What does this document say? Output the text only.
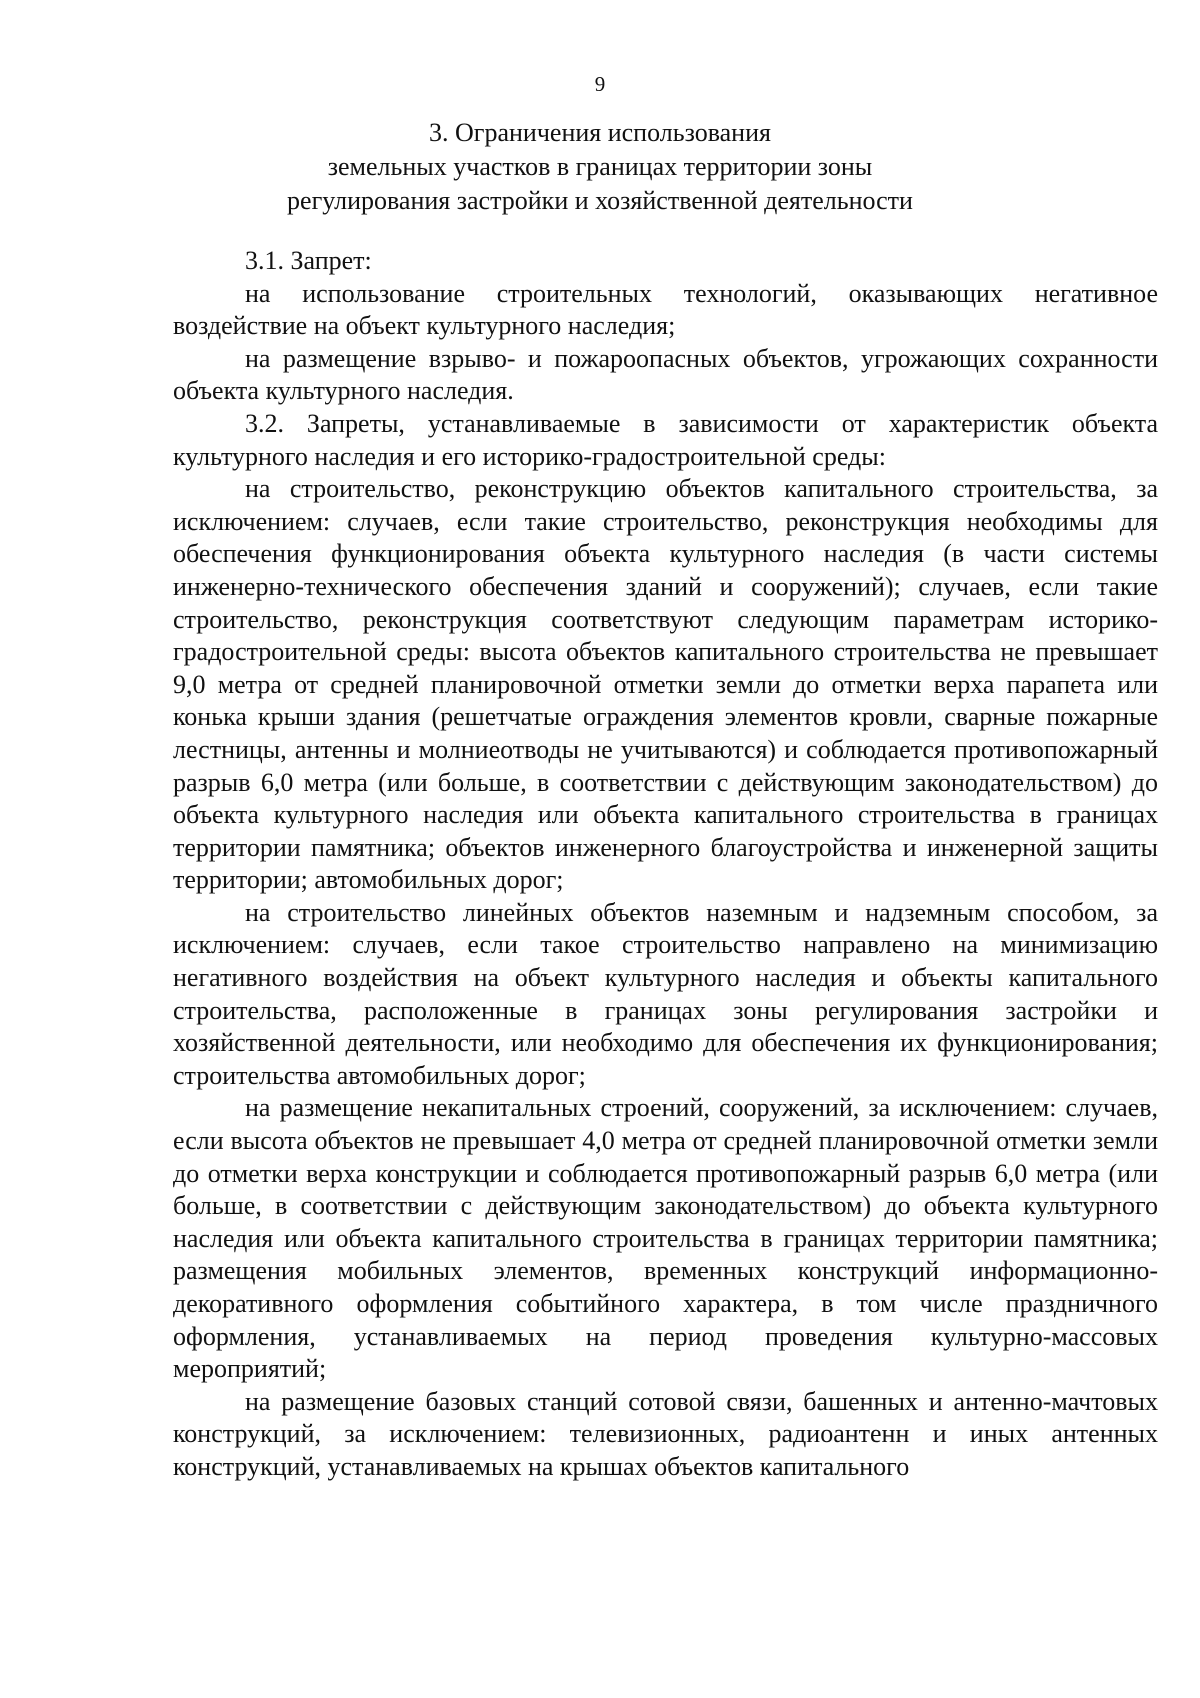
9
3. Ограничения использования
земельных участков в границах территории зоны
регулирования застройки и хозяйственной деятельности

3.1. Запрет:

на использование строительных технологий, оказывающих негативное воздействие на объект культурного наследия;

на размещение взрыво- и пожароопасных объектов, угрожающих сохранности объекта культурного наследия.

3.2. Запреты, устанавливаемые в зависимости от характеристик объекта культурного наследия и его историко-градостроительной среды:

на строительство, реконструкцию объектов капитального строительства, за исключением: случаев, если такие строительство, реконструкция необходимы для обеспечения функционирования объекта культурного наследия (в части системы инженерно-технического обеспечения зданий и сооружений); случаев, если такие строительство, реконструкция соответствуют следующим параметрам историко-градостроительной среды: высота объектов капитального строительства не превышает 9,0 метра от средней планировочной отметки земли до отметки верха парапета или конька крыши здания (решетчатые ограждения элементов кровли, сварные пожарные лестницы, антенны и молниеотводы не учитываются) и соблюдается противопожарный разрыв 6,0 метра (или больше, в соответствии с действующим законодательством) до объекта культурного наследия или объекта капитального строительства в границах территории памятника; объектов инженерного благоустройства и инженерной защиты территории; автомобильных дорог;

на строительство линейных объектов наземным и надземным способом, за исключением: случаев, если такое строительство направлено на минимизацию негативного воздействия на объект культурного наследия и объекты капитального строительства, расположенные в границах зоны регулирования застройки и хозяйственной деятельности, или необходимо для обеспечения их функционирования; строительства автомобильных дорог;

на размещение некапитальных строений, сооружений, за исключением: случаев, если высота объектов не превышает 4,0 метра от средней планировочной отметки земли до отметки верха конструкции и соблюдается противопожарный разрыв 6,0 метра (или больше, в соответствии с действующим законодательством) до объекта культурного наследия или объекта капитального строительства в границах территории памятника; размещения мобильных элементов, временных конструкций информационно-декоративного оформления событийного характера, в том числе праздничного оформления, устанавливаемых на период проведения культурно-массовых мероприятий;

на размещение базовых станций сотовой связи, башенных и антенно-мачтовых конструкций, за исключением: телевизионных, радиоантенн и иных антенных конструкций, устанавливаемых на крышах объектов капитального
